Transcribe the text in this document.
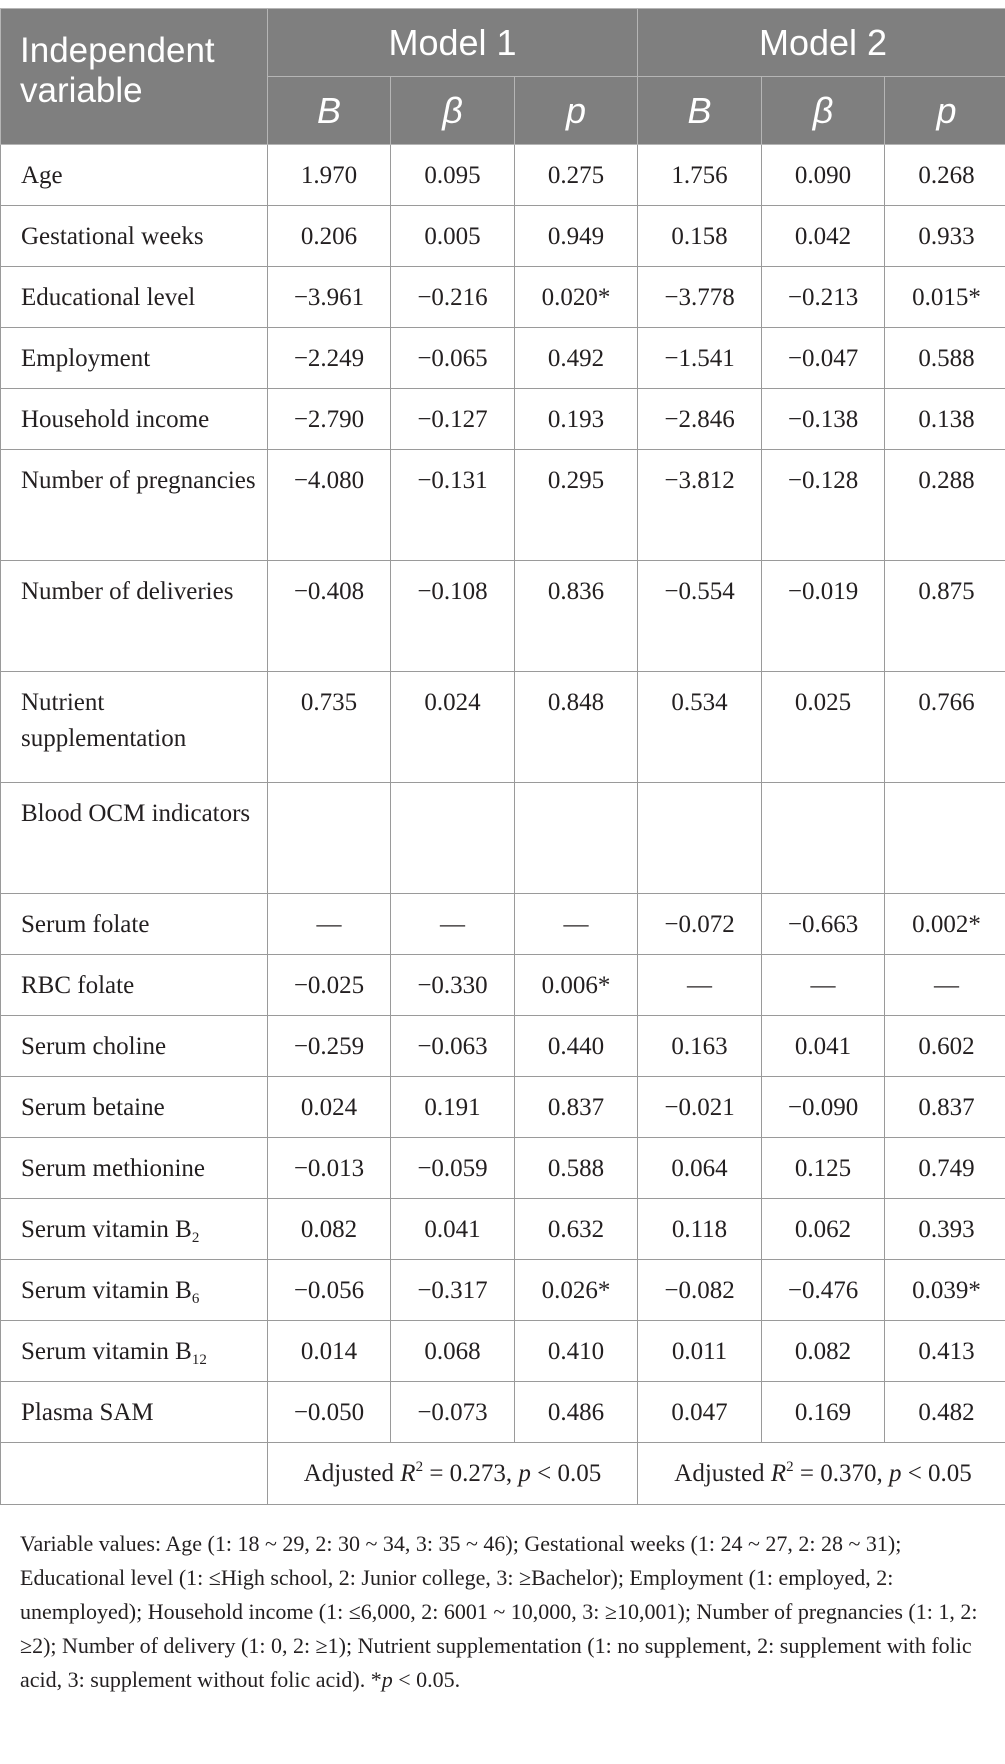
Independent variable	Model 1			Model 2		
	B	β	p	B	β	p
Age	1.970	0.095	0.275	1.756	0.090	0.268
Gestational weeks	0.206	0.005	0.949	0.158	0.042	0.933
Educational level	−3.961	−0.216	0.020*	−3.778	−0.213	0.015*
Employment	−2.249	−0.065	0.492	−1.541	−0.047	0.588
Household income	−2.790	−0.127	0.193	−2.846	−0.138	0.138
Number of pregnancies	−4.080	−0.131	0.295	−3.812	−0.128	0.288
Number of deliveries	−0.408	−0.108	0.836	−0.554	−0.019	0.875
Nutrient supplementation	0.735	0.024	0.848	0.534	0.025	0.766
Blood OCM indicators						
Serum folate	—	—	—	−0.072	−0.663	0.002*
RBC folate	−0.025	−0.330	0.006*	—	—	—
Serum choline	−0.259	−0.063	0.440	0.163	0.041	0.602
Serum betaine	0.024	0.191	0.837	−0.021	−0.090	0.837
Serum methionine	−0.013	−0.059	0.588	0.064	0.125	0.749
Serum vitamin $B_2$	0.082	0.041	0.632	0.118	0.062	0.393
Serum vitamin $B_6$	−0.056	−0.317	0.026*	−0.082	−0.476	0.039*
Serum vitamin $B_{12}$	0.014	0.068	0.410	0.011	0.082	0.413
Plasma SAM	−0.050	−0.073	0.486	0.047	0.169	0.482
	Adjusted $R^2 = 0.273$, p < 0.05			Adjusted $R^2 = 0.370$, p < 0.05		
Variable values: Age (1: 18 ~ 29, 2: 30 ~ 34, 3: 35 ~ 46); Gestational weeks (1: 24 ~ 27, 2: 28 ~ 31); Educational level (1: ≤High school, 2: Junior college, 3: ≥Bachelor); Employment (1: employed, 2: unemployed); Household income (1: ≤6,000, 2: 6001 ~ 10,000, 3: ≥10,001); Number of pregnancies (1: 1, 2: ≥2); Number of delivery (1: 0, 2: ≥1); Nutrient supplementation (1: no supplement, 2: supplement with folic acid, 3: supplement without folic acid). *p < 0.05.
